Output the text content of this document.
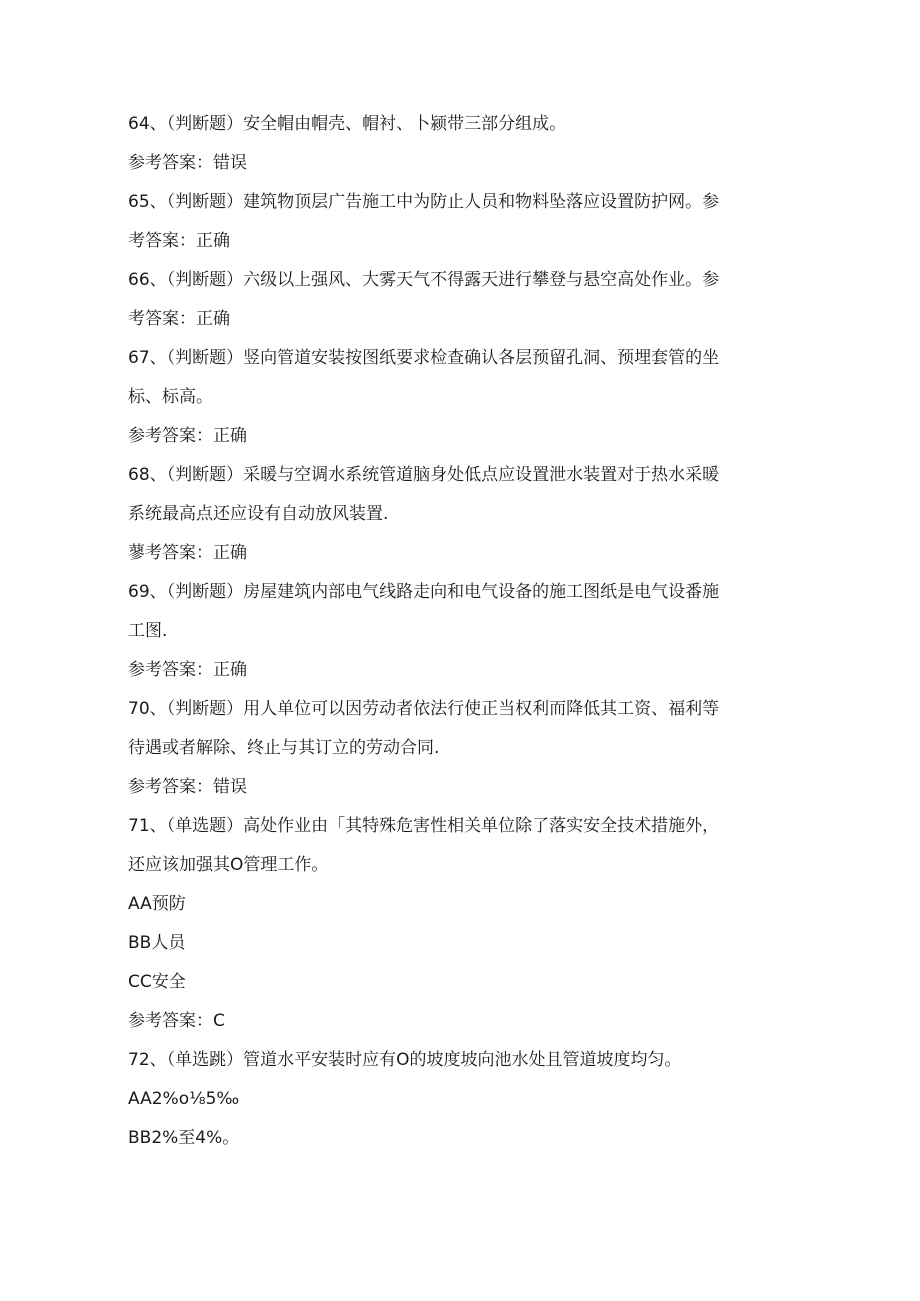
64、（判断题）安全帽由帽壳、帽衬、卜颍带三部分组成。
参考答案：错误
65、（判断题）建筑物顶层广告施工中为防止人员和物料坠落应设置防护网。参
考答案：正确
66、（判断题）六级以上强风、大雾天气不得露天进行攀登与悬空高处作业。参
考答案：正确
67、（判断题）竖向管道安装按图纸要求检查确认各层预留孔洞、预埋套管的坐
标、标高。
参考答案：正确
68、（判断题）采暖与空调水系统管道脑身处低点应设置泄水装置对于热水采暖
系统最高点还应设有自动放风装置.
蓼考答案：正确
69、（判断题）房屋建筑内部电气线路走向和电气设备的施工图纸是电气设番施
工图.
参考答案：正确
70、（判断题）用人单位可以因劳动者依法行使正当权利而降低其工资、福利等
待遇或者解除、终止与其订立的劳动合同.
参考答案：错误
71、（单选题）高处作业由「其特殊危害性相关单位除了落实安全技术措施外，
还应该加强其O管理工作。
AA预防
BB人员
CC安全
参考答案：C
72、（单选跳）管道水平安装时应有O的坡度坡向池水处且管道坡度均匀。
AA2%o⅛5‰
BB2%至4%。
